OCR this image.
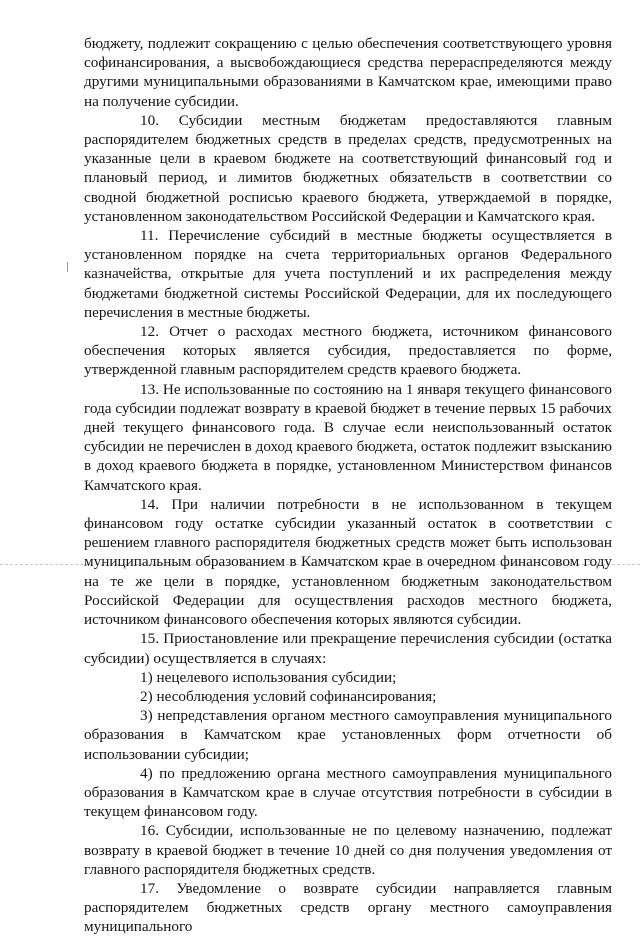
бюджету, подлежит сокращению с целью обеспечения соответствующего уровня софинансирования, а высвобождающиеся средства перераспределяются между другими муниципальными образованиями в Камчатском крае, имеющими право на получение субсидии.

10. Субсидии местным бюджетам предоставляются главным распорядителем бюджетных средств в пределах средств, предусмотренных на указанные цели в краевом бюджете на соответствующий финансовый год и плановый период, и лимитов бюджетных обязательств в соответствии со сводной бюджетной росписью краевого бюджета, утверждаемой в порядке, установленном законодательством Российской Федерации и Камчатского края.

11. Перечисление субсидий в местные бюджеты осуществляется в установленном порядке на счета территориальных органов Федерального казначейства, открытые для учета поступлений и их распределения между бюджетами бюджетной системы Российской Федерации, для их последующего перечисления в местные бюджеты.

12. Отчет о расходах местного бюджета, источником финансового обеспечения которых является субсидия, предоставляется по форме, утвержденной главным распорядителем средств краевого бюджета.

13. Не использованные по состоянию на 1 января текущего финансового года субсидии подлежат возврату в краевой бюджет в течение первых 15 рабочих дней текущего финансового года. В случае если неиспользованный остаток субсидии не перечислен в доход краевого бюджета, остаток подлежит взысканию в доход краевого бюджета в порядке, установленном Министерством финансов Камчатского края.

14. При наличии потребности в не использованном в текущем финансовом году остатке субсидии указанный остаток в соответствии с решением главного распорядителя бюджетных средств может быть использован муниципальным образованием в Камчатском крае в очередном финансовом году на те же цели в порядке, установленном бюджетным законодательством Российской Федерации для осуществления расходов местного бюджета, источником финансового обеспечения которых являются субсидии.

15. Приостановление или прекращение перечисления субсидии (остатка субсидии) осуществляется в случаях:

1) нецелевого использования субсидии;

2) несоблюдения условий софинансирования;

3) непредставления органом местного самоуправления муниципального образования в Камчатском крае установленных форм отчетности об использовании субсидии;

4) по предложению органа местного самоуправления муниципального образования в Камчатском крае в случае отсутствия потребности в субсидии в текущем финансовом году.

16. Субсидии, использованные не по целевому назначению, подлежат возврату в краевой бюджет в течение 10 дней со дня получения уведомления от главного распорядителя бюджетных средств.

17. Уведомление о возврате субсидии направляется главным распорядителем бюджетных средств органу местного самоуправления муниципального
